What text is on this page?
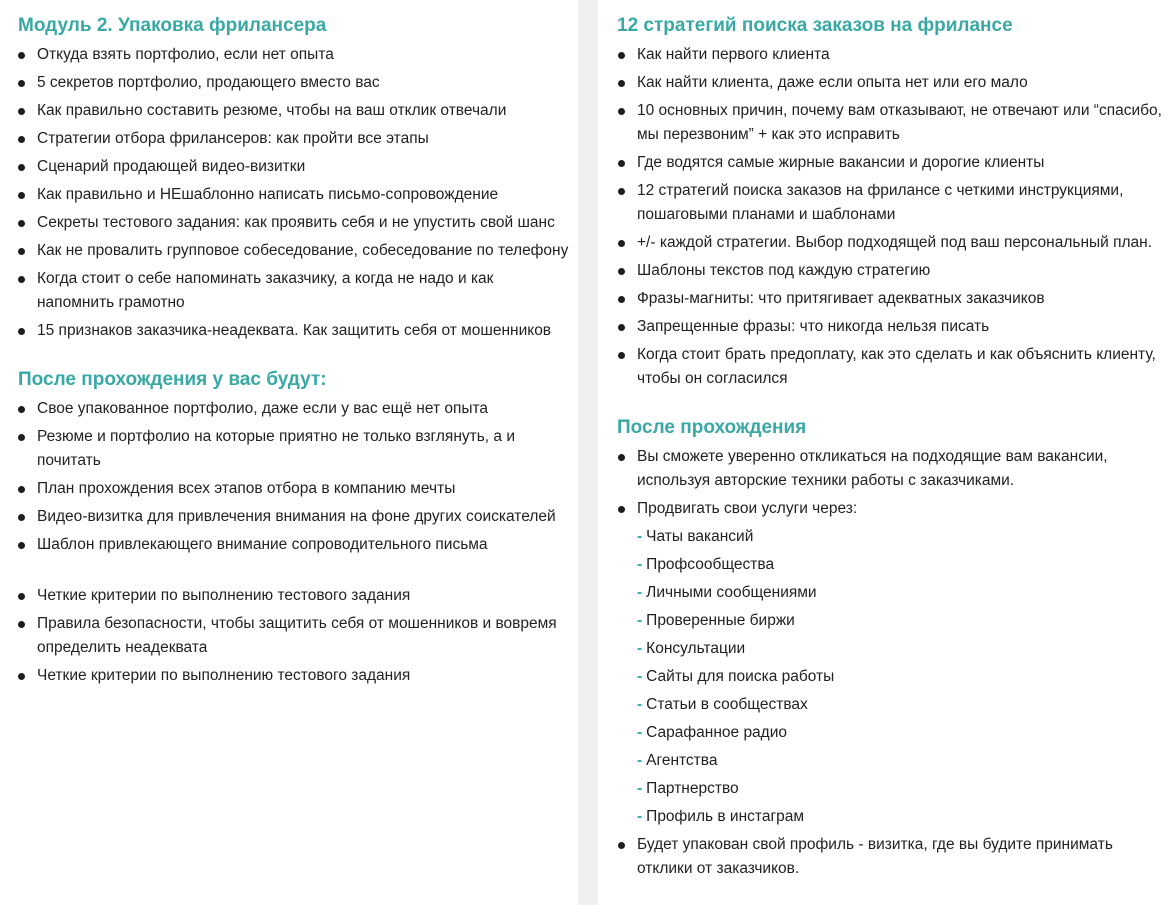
Модуль 2. Упаковка фрилансера
Откуда взять портфолио, если нет опыта
5 секретов портфолио, продающего вместо вас
Как правильно составить резюме, чтобы на ваш отклик отвечали
Стратегии отбора фрилансеров: как пройти все этапы
Сценарий продающей видео-визитки
Как правильно и НЕшаблонно написать письмо-сопровождение
Секреты тестового задания: как проявить себя и не упустить свой шанс
Как не провалить групповое собеседование, собеседование по телефону
Когда стоит о себе напоминать заказчику, а когда не надо и как напомнить грамотно
15 признаков заказчика-неадеквата. Как защитить себя от мошенников
После прохождения у вас будут:
Свое упакованное портфолио, даже если у вас ещё нет опыта
Резюме и портфолио на которые приятно не только взглянуть, а и почитать
План прохождения всех этапов отбора в компанию мечты
Видео-визитка для привлечения внимания на фоне других соискателей
Шаблон привлекающего внимание сопроводительного письма
Четкие критерии по выполнению тестового задания
Правила безопасности, чтобы защитить себя от мошенников и вовремя определить неадеквата
Четкие критерии по выполнению тестового задания
12 стратегий поиска заказов на фрилансе
Как найти первого клиента
Как найти клиента, даже если опыта нет или его мало
10 основных причин, почему вам отказывают, не отвечают или “спасибо, мы перезвоним” + как это исправить
Где водятся самые жирные вакансии и дорогие клиенты
12 стратегий поиска заказов на фрилансе с четкими инструкциями, пошаговыми планами и шаблонами
+/- каждой стратегии. Выбор подходящей под ваш персональный план.
Шаблоны текстов под каждую стратегию
Фразы-магниты: что притягивает адекватных заказчиков
Запрещенные фразы: что никогда нельзя писать
Когда стоит брать предоплату, как это сделать и как объяснить клиенту, чтобы он согласился
После прохождения
Вы сможете уверенно откликаться на подходящие вам вакансии, используя авторские техники работы с заказчиками.
Продвигать свои услуги через:
- Чаты вакансий
- Профсообщества
- Личными сообщениями
- Проверенные биржи
- Консультации
- Сайты для поиска работы
- Статьи в сообществах
- Сарафанное радио
- Агентства
- Партнерство
- Профиль в инстаграм
Будет упакован свой профиль - визитка, где вы будите принимать отклики от заказчиков.
